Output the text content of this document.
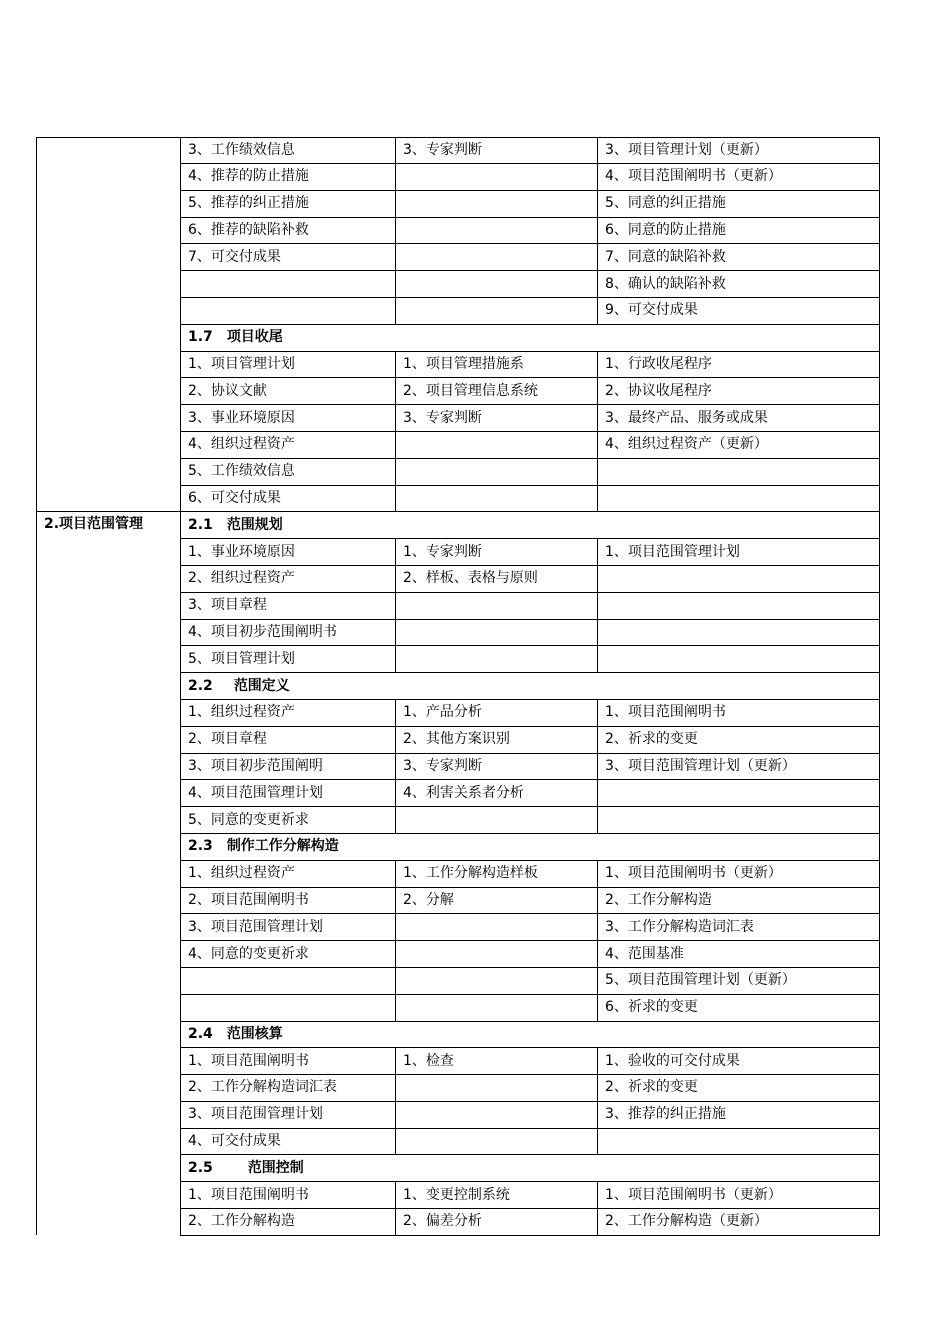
	3、工作绩效信息	3、专家判断	3、项目管理计划（更新）
	4、推荐的防止措施		4、项目范围阐明书（更新）
	5、推荐的纠正措施		5、同意的纠正措施
	6、推荐的缺陷补救		6、同意的防止措施
	7、可交付成果		7、同意的缺陷补救
			8、确认的缺陷补救
			9、可交付成果
	1.7  项目收尾		
	1、项目管理计划	1、项目管理措施系	1、行政收尾程序
	2、协议文献	2、项目管理信息系统	2、协议收尾程序
	3、事业环境原因	3、专家判断	3、最终产品、服务或成果
	4、组织过程资产		4、组织过程资产（更新）
	5、工作绩效信息		
	6、可交付成果		
2.项目范围管理	2.1  范围规划		
	1、事业环境原因	1、专家判断	1、项目范围管理计划
	2、组织过程资产	2、样板、表格与原则	
	3、项目章程		
	4、项目初步范围阐明书		
	5、项目管理计划		
	2.2   范围定义		
	1、组织过程资产	1、产品分析	1、项目范围阐明书
	2、项目章程	2、其他方案识别	2、祈求的变更
	3、项目初步范围阐明	3、专家判断	3、项目范围管理计划（更新）
	4、项目范围管理计划	4、利害关系者分析	
	5、同意的变更祈求		
	2.3  制作工作分解构造		
	1、组织过程资产	1、工作分解构造样板	1、项目范围阐明书（更新）
	2、项目范围阐明书	2、分解	2、工作分解构造
	3、项目范围管理计划		3、工作分解构造词汇表
	4、同意的变更祈求		4、范围基准
			5、项目范围管理计划（更新）
			6、祈求的变更
	2.4  范围核算		
	1、项目范围阐明书	1、检查	1、验收的可交付成果
	2、工作分解构造词汇表		2、祈求的变更
	3、项目范围管理计划		3、推荐的纠正措施
	4、可交付成果		
	2.5    范围控制		
	1、项目范围阐明书	1、变更控制系统	1、项目范围阐明书（更新）
	2、工作分解构造	2、偏差分析	2、工作分解构造（更新）
